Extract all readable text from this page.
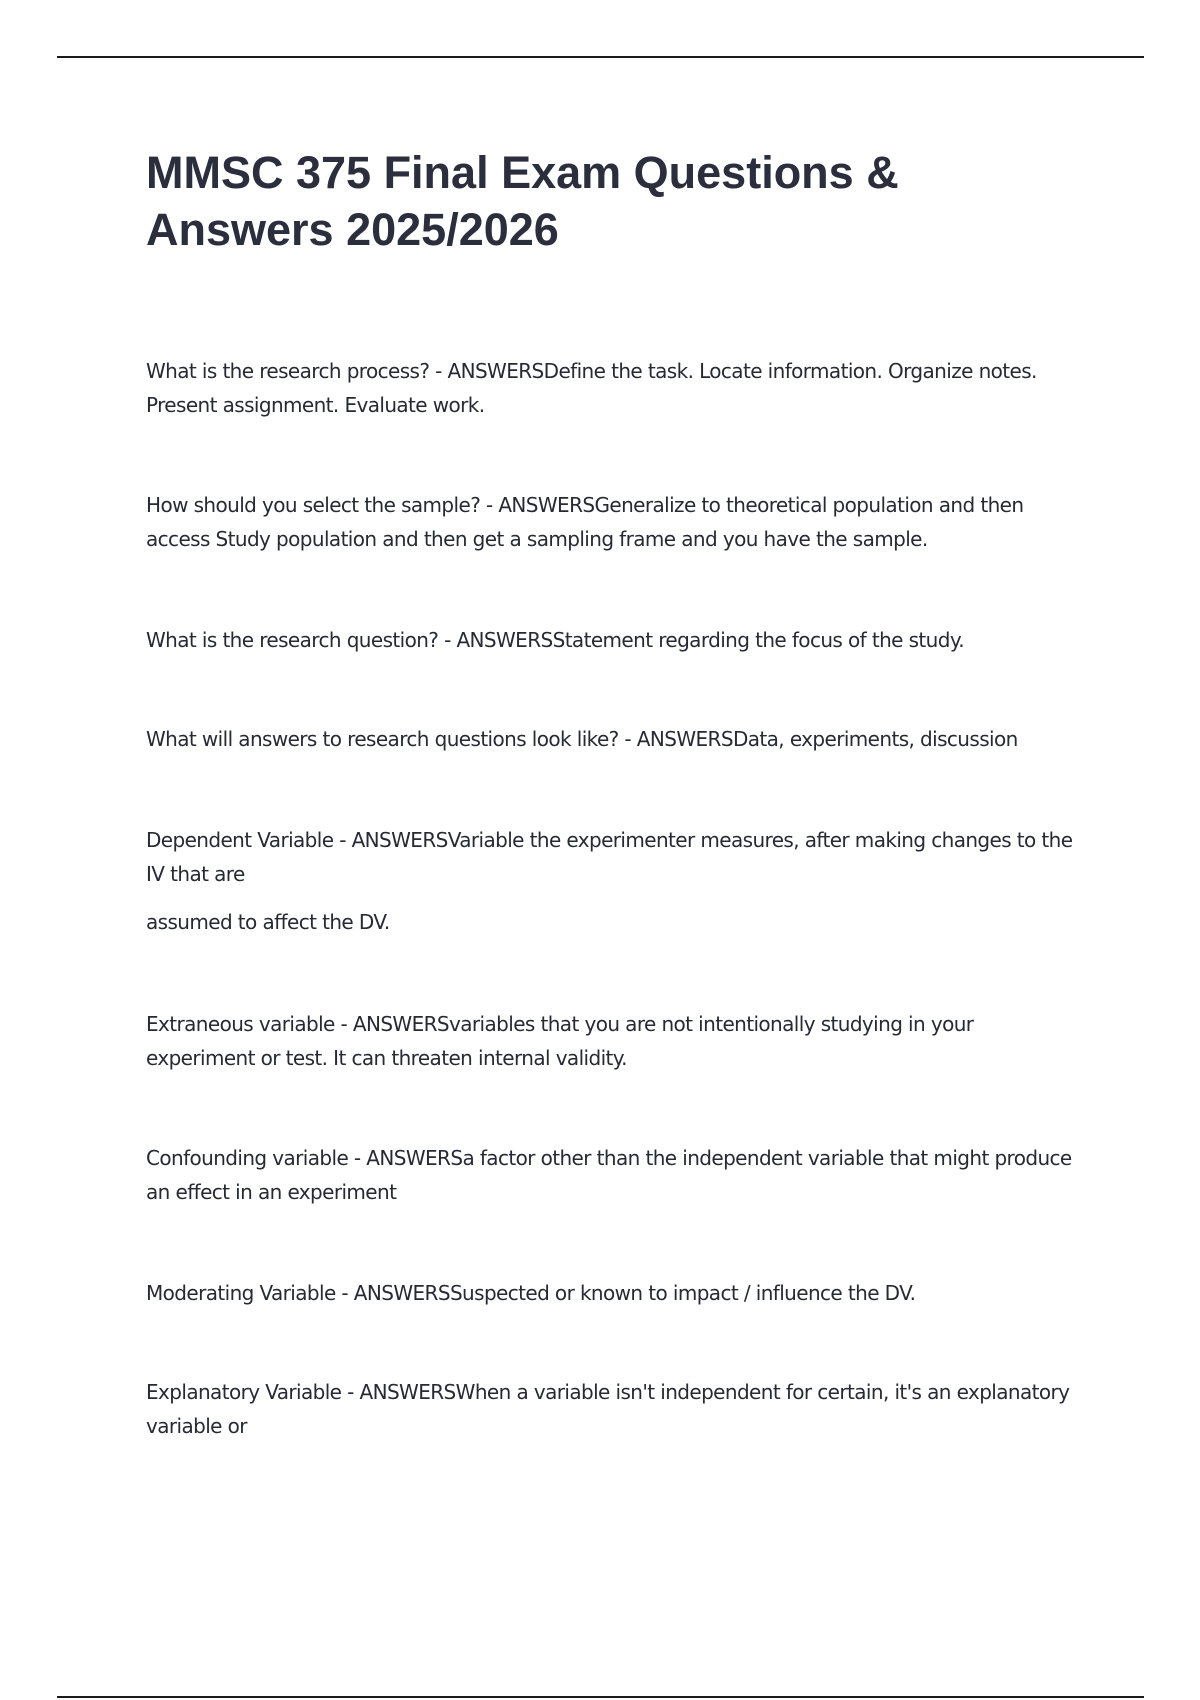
MMSC 375 Final Exam Questions & Answers 2025/2026

What is the research process? - ANSWERSDefine the task. Locate information. Organize notes. Present assignment. Evaluate work.

How should you select the sample? - ANSWERSGeneralize to theoretical population and then access Study population and then get a sampling frame and you have the sample.

What is the research question? - ANSWERSStatement regarding the focus of the study.

What will answers to research questions look like? - ANSWERSData, experiments, discussion

Dependent Variable - ANSWERSVariable the experimenter measures, after making changes to the IV that are
assumed to affect the DV.

Extraneous variable - ANSWERSvariables that you are not intentionally studying in your experiment or test. It can threaten internal validity.

Confounding variable - ANSWERSa factor other than the independent variable that might produce an effect in an experiment

Moderating Variable - ANSWERSSuspected or known to impact / influence the DV.

Explanatory Variable - ANSWERSWhen a variable isn't independent for certain, it's an explanatory variable or
